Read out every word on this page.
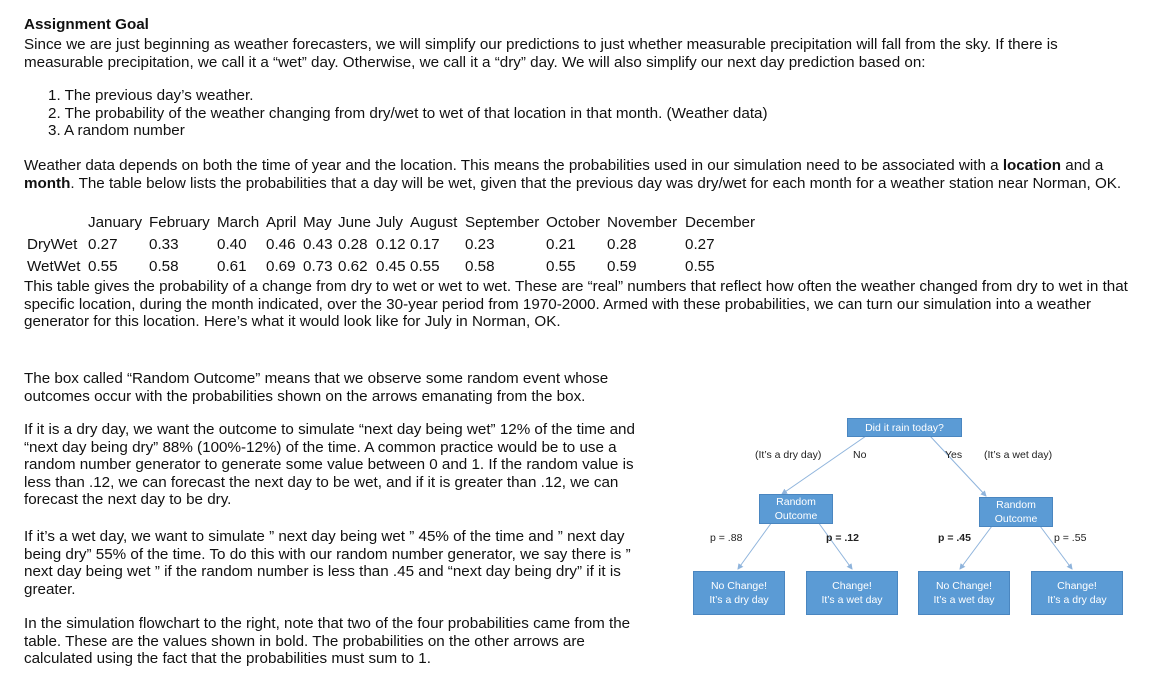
Assignment Goal

Since we are just beginning as weather forecasters, we will simplify our predictions to just whether measurable precipitation will fall from the sky. If there is measurable precipitation, we call it a “wet” day. Otherwise, we call it a “dry” day. We will also simplify our next day prediction based on:

1. The previous day’s weather.
2. The probability of the weather changing from dry/wet to wet of that location in that month. (Weather data)
3. A random number

Weather data depends on both the time of year and the location. This means the probabilities used in our simulation need to be associated with a location and a month. The table below lists the probabilities that a day will be wet, given that the previous day was dry/wet for each month for a weather station near Norman, OK.

January February March April May June July August September October November December
DryWet 0.27 0.33	0.40 0.46 0.43 0.28 0.12 0.17 0.23	0.21 0.28	0.27
WetWet 0.55 0.58	0.61 0.69 0.73 0.62 0.45 0.55 0.58	0.55 0.59	0.55

This table gives the probability of a change from dry to wet or wet to wet. These are “real” numbers that reflect how often the weather changed from dry to wet in that specific location, during the month indicated, over the 30-year period from 1970-2000. Armed with these probabilities, we can turn our simulation into a weather generator for this location. Here’s what it would look like for July in Norman, OK.

The box called “Random Outcome” means that we observe some random event whose outcomes occur with the probabilities shown on the arrows emanating from the box.

If it is a dry day, we want the outcome to simulate “next day being wet” 12% of the time and “next day being dry” 88% (100%-12%) of the time. A common practice would be to use a random number generator to generate some value between 0 and 1. If the random value is less than .12, we can forecast the next day to be wet, and if it is greater than .12, we can forecast the next day to be dry.

If it’s a wet day, we want to simulate ” next day being wet ” 45% of the time and ” next day being dry” 55% of the time. To do this with our random number generator, we say there is ” next day being wet ” if the random number is less than .45 and “next day being dry” if it is greater.

In the simulation flowchart to the right, note that two of the four probabilities came from the table. These are the values shown in bold. The probabilities on the other arrows are calculated using the fact that the probabilities must sum to 1.

Did it rain today?
(It’s a dry day)	No	Yes (It’s a wet day)
Random Outcome
Random Outcome
p = .88	p = .12	p = .45	p = .55
No Change!
It’s a dry day
Change!
It’s a wet day
No Change!
It’s a wet day
Change!
It’s a dry day
